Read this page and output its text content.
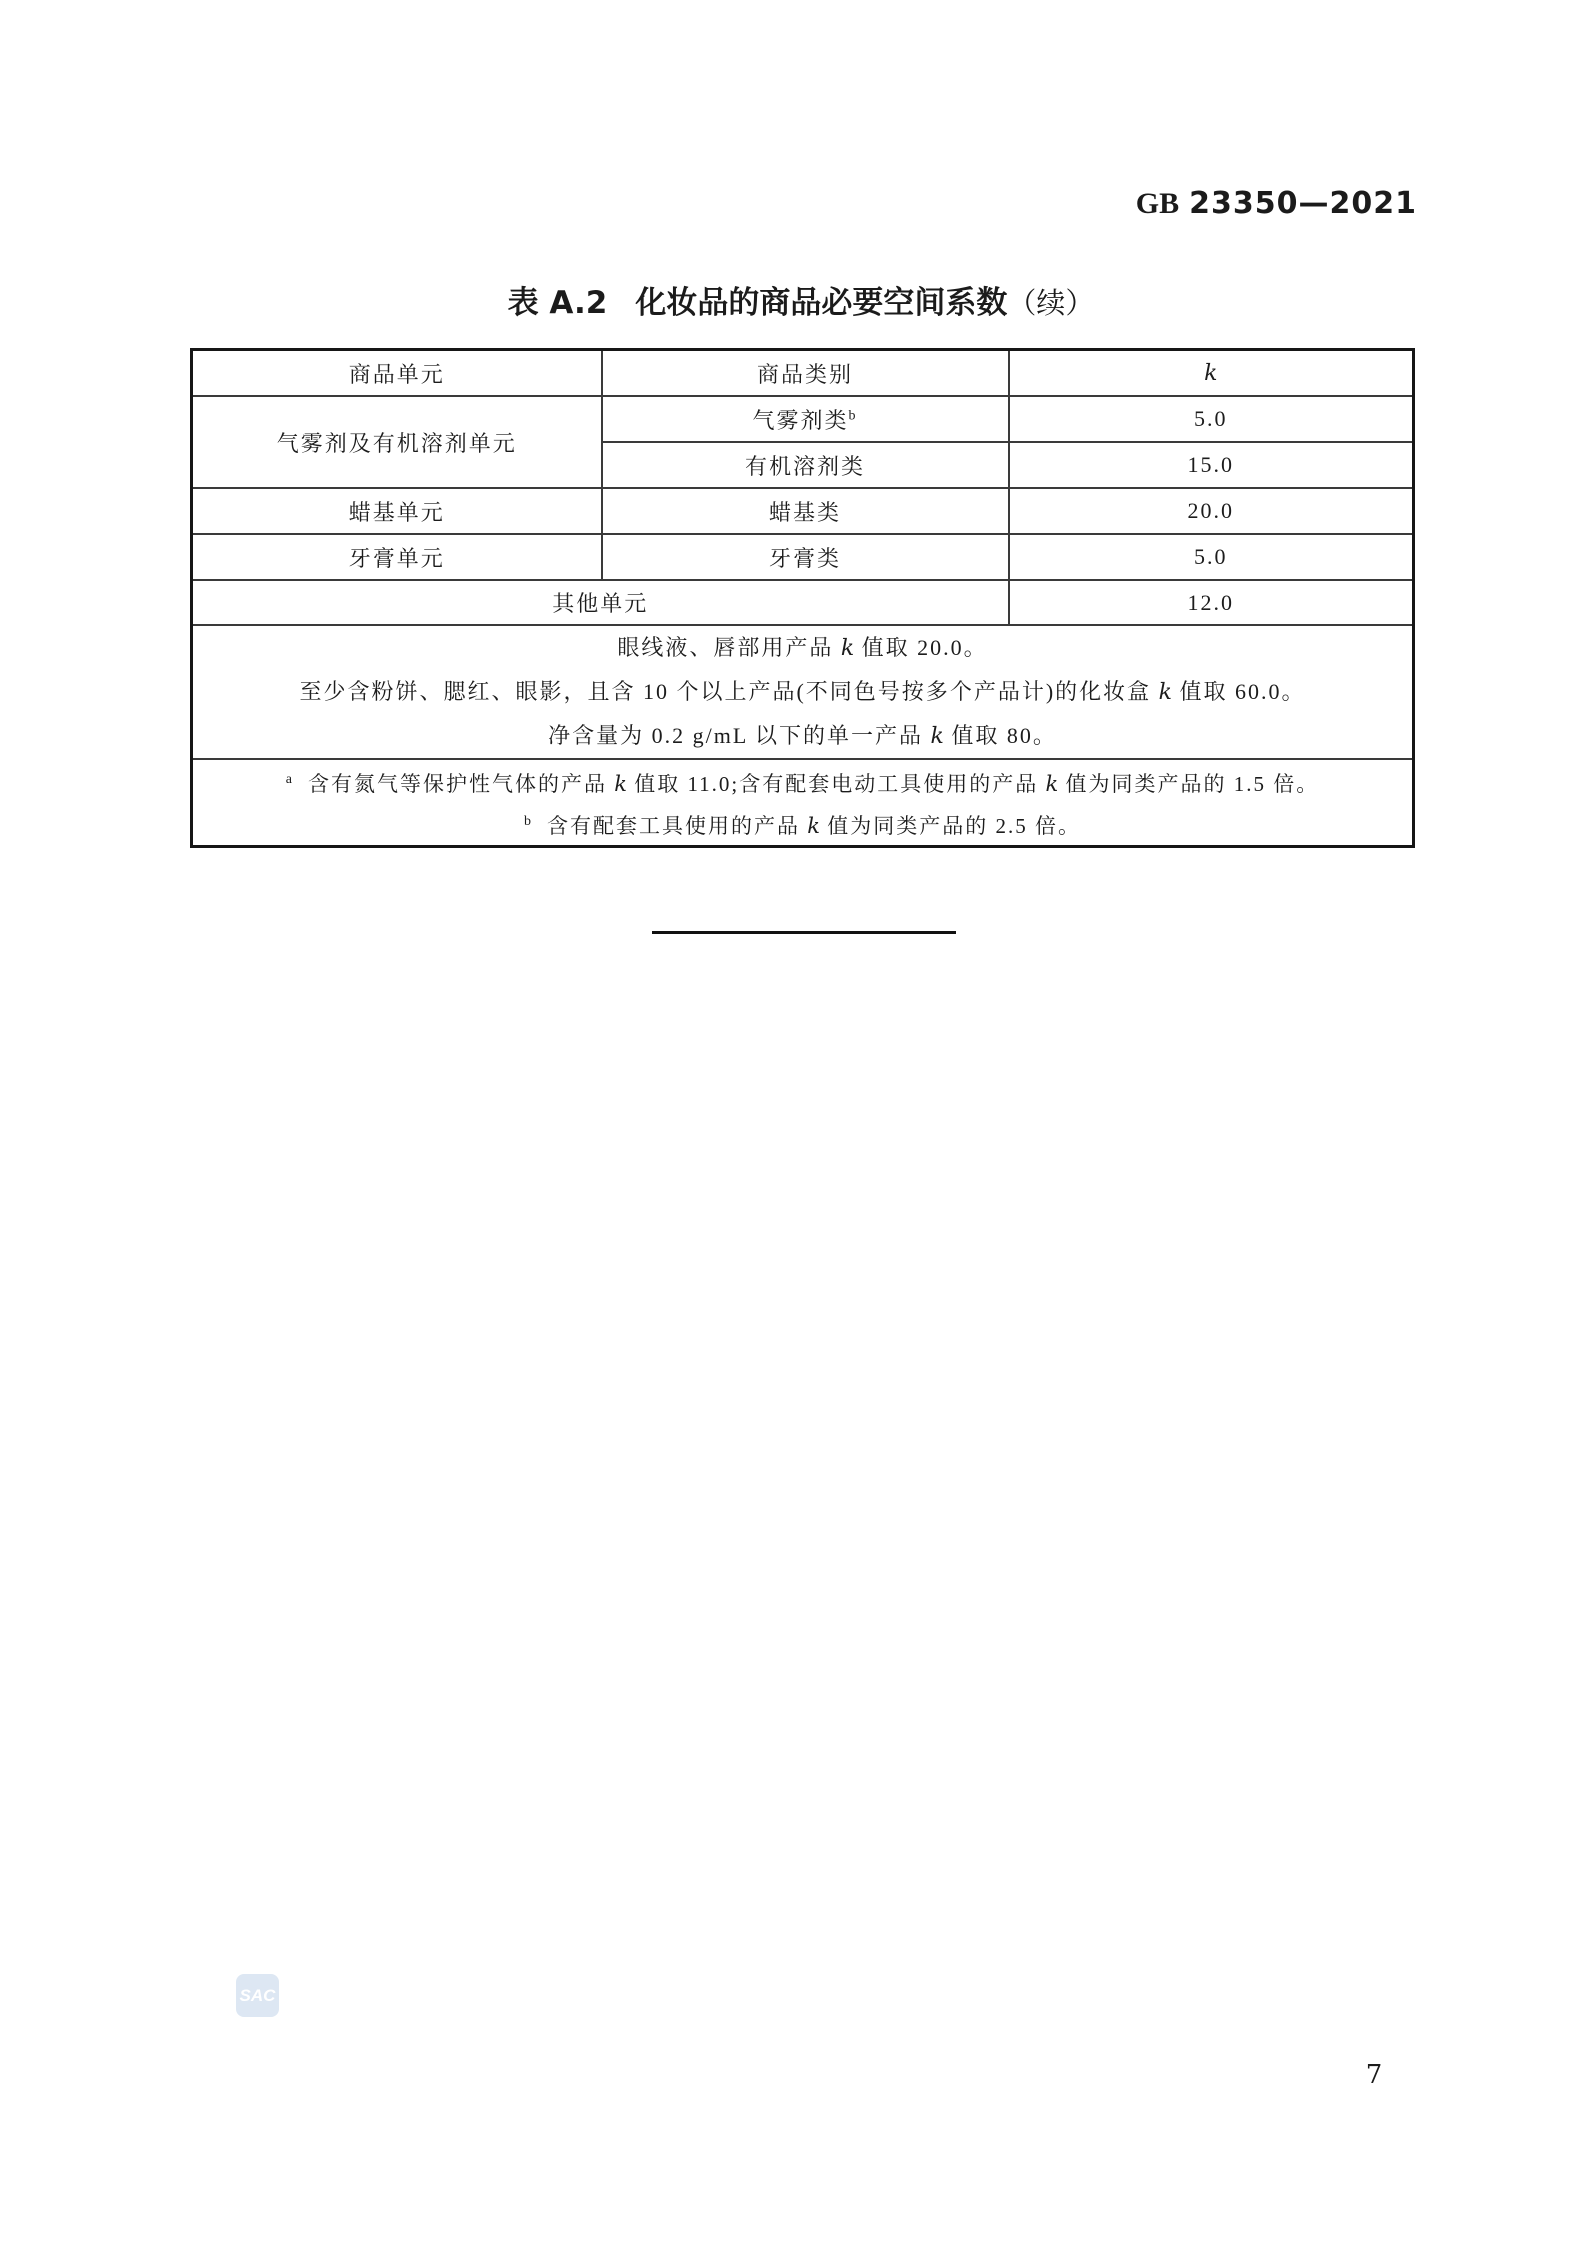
GB 23350—2021
表 A.2 化妆品的商品必要空间系数（续）
商品单元	商品类别	k
气雾剂及有机溶剂单元	气雾剂类$^b$	5.0
	有机溶剂类	15.0
蜡基单元	蜡基类	20.0
牙膏单元	牙膏类	5.0
其他单元		12.0

眼线液、唇部用产品 k 值取 20.0。
至少含粉饼、腮红、眼影，且含 10 个以上产品(不同色号按多个产品计)的化妆盒 k 值取 60.0。
净含量为 0.2 g/mL 以下的单一产品 k 值取 80。		

$^a$ 含有氮气等保护性气体的产品 k 值取 11.0;含有配套电动工具使用的产品 k 值为同类产品的 1.5 倍。
$^b$ 含有配套工具使用的产品 k 值为同类产品的 2.5 倍。		
SAC
7
